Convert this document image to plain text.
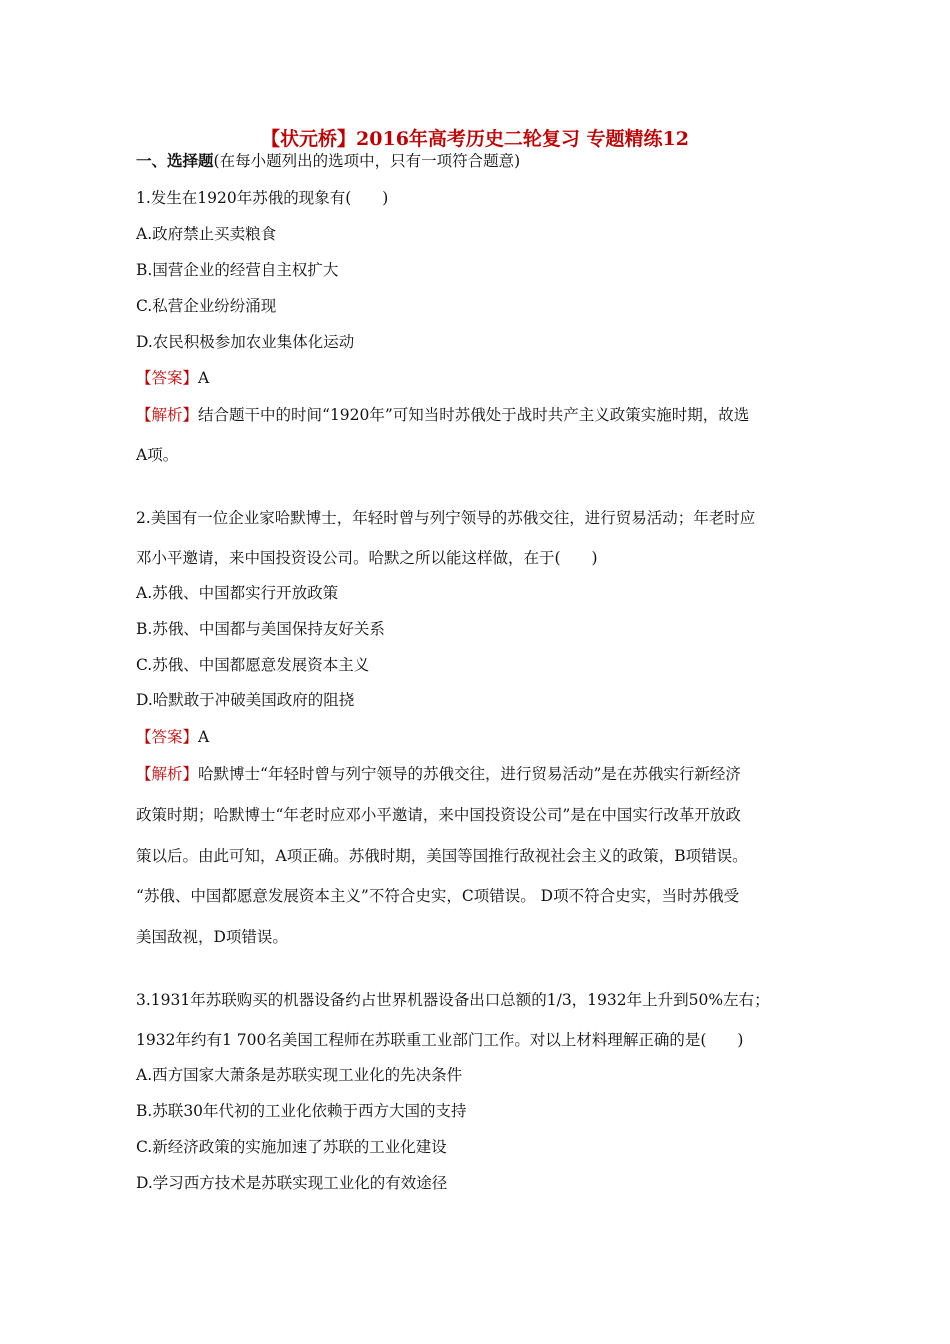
【状元桥】2016年高考历史二轮复习 专题精练12
一、选择题(在每小题列出的选项中，只有一项符合题意)
1.发生在1920年苏俄的现象有(　　)
A.政府禁止买卖粮食
B.国营企业的经营自主权扩大
C.私营企业纷纷涌现
D.农民积极参加农业集体化运动
【答案】A
【解析】结合题干中的时间“1920年”可知当时苏俄处于战时共产主义政策实施时期，故选
A项。
2.美国有一位企业家哈默博士，年轻时曾与列宁领导的苏俄交往，进行贸易活动；年老时应
邓小平邀请，来中国投资设公司。哈默之所以能这样做，在于(　　)
A.苏俄、中国都实行开放政策
B.苏俄、中国都与美国保持友好关系
C.苏俄、中国都愿意发展资本主义
D.哈默敢于冲破美国政府的阻挠
【答案】A
【解析】哈默博士“年轻时曾与列宁领导的苏俄交往，进行贸易活动”是在苏俄实行新经济
政策时期；哈默博士“年老时应邓小平邀请，来中国投资设公司”是在中国实行改革开放政
策以后。由此可知，A项正确。苏俄时期，美国等国推行敌视社会主义的政策，B项错误。
“苏俄、中国都愿意发展资本主义”不符合史实，C项错误。 D项不符合史实，当时苏俄受
美国敌视，D项错误。
3.1931年苏联购买的机器设备约占世界机器设备出口总额的1/3，1932年上升到50%左右；
1932年约有1 700名美国工程师在苏联重工业部门工作。对以上材料理解正确的是(　　)
A.西方国家大萧条是苏联实现工业化的先决条件
B.苏联30年代初的工业化依赖于西方大国的支持
C.新经济政策的实施加速了苏联的工业化建设
D.学习西方技术是苏联实现工业化的有效途径
